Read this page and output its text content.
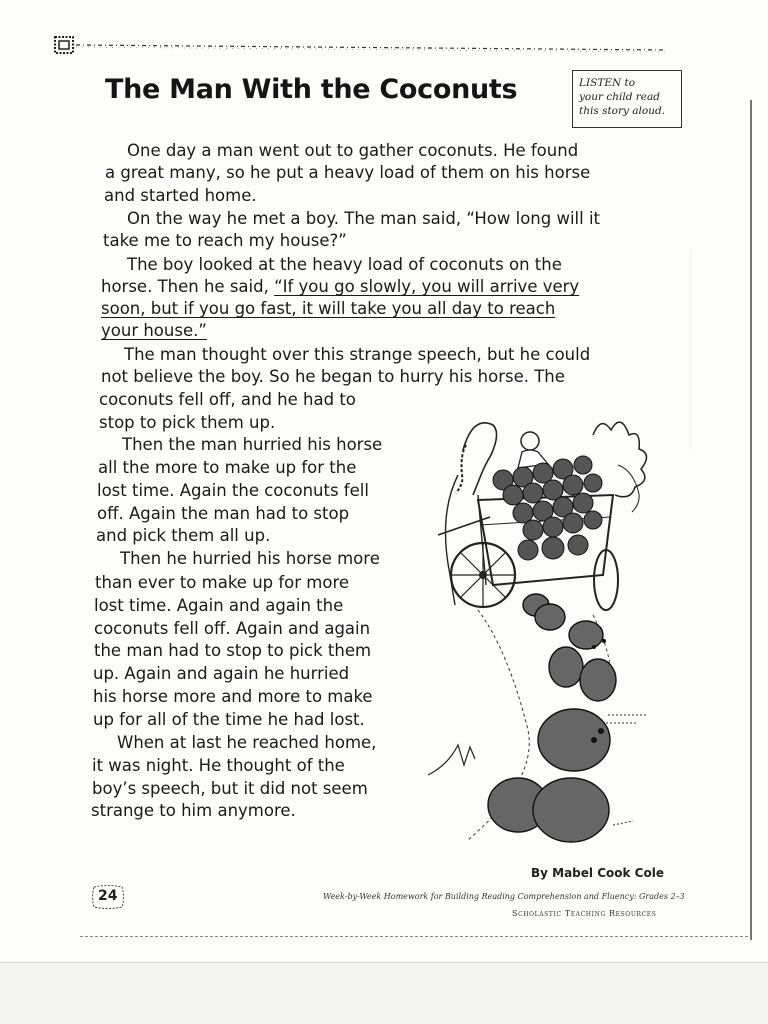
The Man With the Coconuts	LISTEN to
your child read
this story aloud.
One day a man went out to gather coconuts. He found
a great many, so he put a heavy load of them on his horse
and started home.
On the way he met a boy. The man said, “How long will it
take me to reach my house?”
The boy looked at the heavy load of coconuts on the
horse. Then he said, “If you go slowly, you will arrive very
soon, but if you go fast, it will take you all day to reach
your house.”
The man thought over this strange speech, but he could
not believe the boy. So he began to hurry his horse. The
coconuts fell off, and he had to
stop to pick them up.
Then the man hurried his horse
all the more to make up for the
lost time. Again the coconuts fell
off. Again the man had to stop
and pick them all up.
Then he hurried his horse more
than ever to make up for more
lost time. Again and again the
coconuts fell off. Again and again
the man had to stop to pick them
up. Again and again he hurried
his horse more and more to make
up for all of the time he had lost.
When at last he reached home,
it was night. He thought of the
boy’s speech, but it did not seem
strange to him anymore.
By Mabel Cook Cole
24	Week-by-Week Homework for Building Reading Comprehension and Fluency: Grades 2–3
Scholastic Teaching Resources
